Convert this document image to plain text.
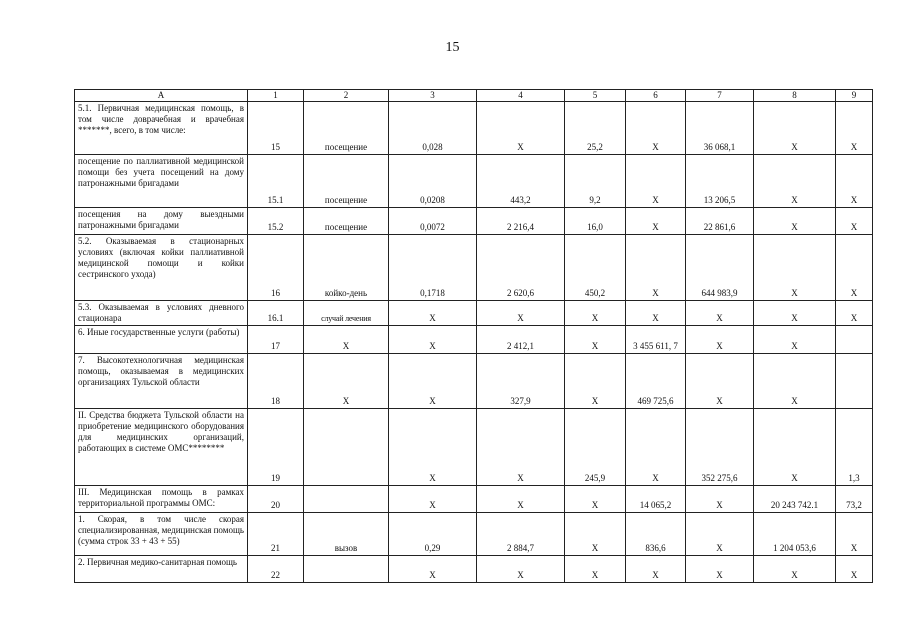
15
А	1	2	3	4	5	6	7	8	9
5.1. Первичная медицинская помощь, в том числе доврачебная и врачебная *******, всего, в том числе:	15	посещение	0,028	X	25,2	X	36 068,1	X	X
посещение по паллиативной медицинской помощи без учета посещений на дому патронажными бригадами	15.1	посещение	0,0208	443,2	9,2	X	13 206,5	X	X
посещения на дому выездными патронажными бригадами	15.2	посещение	0,0072	2 216,4	16,0	X	22 861,6	X	X
5.2. Оказываемая в стационарных условиях (включая койки паллиативной медицинской помощи и койки сестринского ухода)	16	койко-день	0,1718	2 620,6	450,2	X	644 983,9	X	X
5.3. Оказываемая в условиях дневного стационара	16.1	случай лечения	X	X	X	X	X	X	X
6. Иные государственные услуги (работы)	17	X	X	2 412,1	X	3 455 611, 7	X	X	
7. Высокотехнологичная медицинская помощь, оказываемая в медицинских организациях Тульской области	18	X	X	327,9	X	469 725,6	X	X	
II. Средства бюджета Тульской области на приобретение медицинского оборудования для медицинских организаций, работающих в системе ОМС********	19		X	X	245,9	X	352 275,6	X	1,3
III. Медицинская помощь в рамках территориальной программы ОМС:	20		X	X	X	14 065,2	X	20 243 742.1	73,2
1. Скорая, в том числе скорая специализированная, медицинская помощь (сумма строк 33 + 43 + 55)	21	вызов	0,29	2 884,7	X	836,6	X	1 204 053,6	X
2. Первичная медико-санитарная помощь	22		X	X	X	X	X	X	X
